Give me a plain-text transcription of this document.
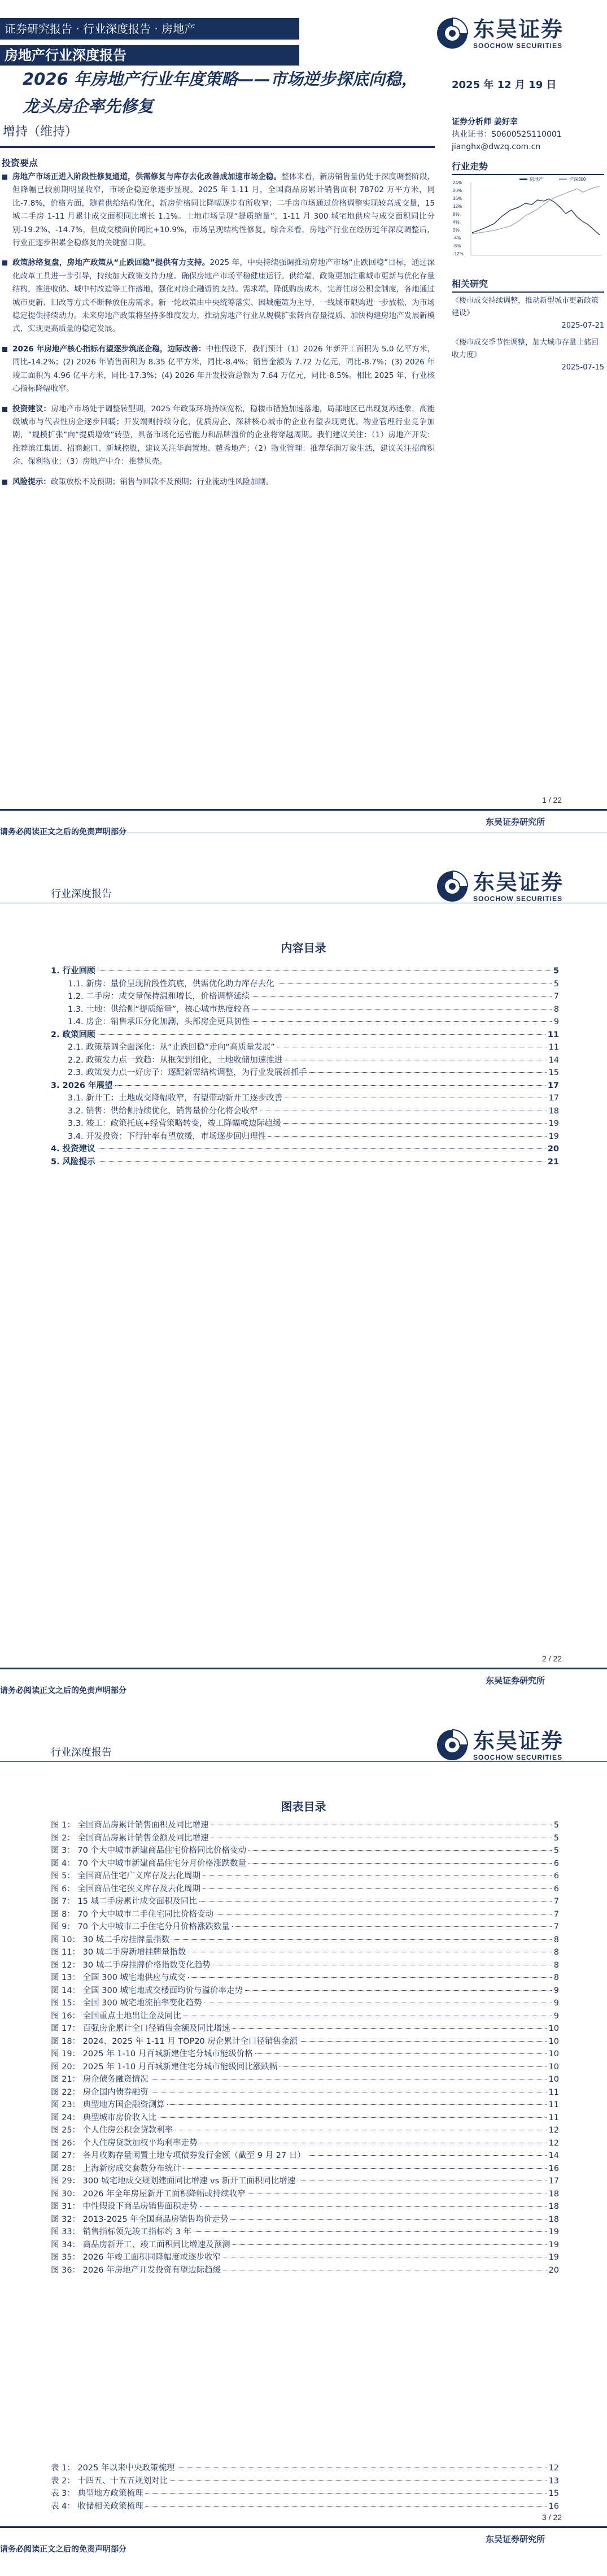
证券研究报告 · 行业深度报告 · 房地产
房地产行业深度报告
东吴证券
SOOCHOW SECURITIES
2026 年房地产行业年度策略——市场逆步探底向稳，龙头房企率先修复
2025 年 12 月 19 日
增持（维持）
证券分析师 姜好幸
执业证书：S0600525110001
jianghx@dwzq.com.cn
投资要点

房地产市场正进入阶段性修复通道，供需修复与库存去化改善成加速市场企稳。整体来看，新房销售量仍处于深度调整阶段，但降幅已较前期明显收窄，市场企稳迹象逐步显现。2025 年 1-11 月，全国商品房累计销售面积 78702 万平方米，同比-7.8%，价格方面，随着供给结构优化，新房价格同比降幅逐步有所收窄；二手房市场通过价格调整实现较高成交量，15 城二手房 1-11 月累计成交面积同比增长 1.1%。土地市场呈现“提质缩量”，1-11 月 300 城宅地供应与成交面积同比分别-19.2%、-14.7%，但成交楼面价同比+10.9%，市场呈现结构性修复。综合来看，房地产行业在经历近年深度调整后，行业正逐步积累企稳修复的关键窗口期。

政策脉络复盘，房地产政策从“止跌回稳”提供有力支持。2025 年，中央持续强调推动房地产市场“止跌回稳”目标，通过深化改革工具进一步引导，持续加大政策支持力度。确保房地产市场平稳健康运行。供给端，政策更加注重城市更新与优化存量结构，推进收储、城中村改造等工作落地，强化对房企融资的支持。需求端，降低购房成本，完善住房公积金制度，各地通过城市更新、旧改等方式不断释放住房需求。新一轮政策由中央统筹落实、因城施策为主导，一线城市限购进一步放松，为市场稳定提供持续动力。未来房地产政策将坚持多维度发力，推动房地产行业从规模扩张转向存量提质、加快构建房地产发展新模式，实现更高质量的稳定发展。

2026 年房地产核心指标有望逐步筑底企稳，边际改善：中性假设下，我们预计（1）2026 年新开工面积为 5.0 亿平方米，同比-14.2%；(2) 2026 年销售面积为 8.35 亿平方米，同比-8.4%；销售金额为 7.72 万亿元，同比-8.7%；(3) 2026 年竣工面积为 4.96 亿平方米，同比-17.3%；(4) 2026 年开发投资总额为 7.64 万亿元，同比-8.5%。相比 2025 年，行业核心指标降幅收窄。

投资建议：房地产市场处于调整转型期，2025 年政策环境持续宽松，稳楼市措施加速落地，局部地区已出现复苏迹象，高能级城市与代表性房企逐步回暖；开发端则持续分化，优质房企、深耕核心城市的企业有望表现更优。物业管理行业竞争加剧，“规模扩张”向“提质增效”转型，具备市场化运营能力和品牌溢价的企业将穿越周期。我们建议关注：（1）房地产开发：推荐滨江集团、招商蛇口、新城控股，建议关注华润置地、越秀地产；（2）物业管理：推荐华润万象生活，建议关注招商积余、保利物业；（3）房地产中介：推荐贝壳。

风险提示：政策放松不及预期；销售与回款不及预期；行业流动性风险加剧。

行业走势
24%
20%
16%
12%
8%
4%
0%
-4%
-8%
-12%
房地产	沪深300
相关研究
《楼市成交持续调整，推动新型城市更新政策建设》
2025-07-21
《楼市成交季节性调整，加大城市存量土储回收力度》
2025-07-15
1 / 22
东吴证券研究所
请务必阅读正文之后的免责声明部分
行业深度报告	东吴证券
SOOCHOW SECURITIES
内容目录
1. 行业回顾	5
1.1. 新房：量价呈现阶段性筑底，供需优化助力库存去化	5
1.2. 二手房：成交量保持温和增长，价格调整延续	7
1.3. 土地：供给侧“提质缩量”，核心城市热度较高	8
1.4. 房企：销售承压分化加剧，头部房企更具韧性	9
2. 政策回顾	11
2.1. 政策基调全面深化：从“止跌回稳”走向“高质量发展”	11
2.2. 政策发力点一致趋：从框架到细化，土地收储加速推进	14
2.3. 政策发力点一好房子：逐配新需结构调整，为行业发展新抓手	15
3. 2026 年展望	17
3.1. 新开工：土地成交降幅收窄，有望带动新开工逐步改善	17
3.2. 销售：供给侧持续优化，销售量价分化将会收窄	18
3.3. 竣工：政策托底+经营策略转变，竣工降幅或边际趋缓	19
3.4. 开发投资：下行针率有望放缓，市场逐步回归理性	19
4. 投资建议	20
5. 风险提示	21
2 / 22
东吴证券研究所
请务必阅读正文之后的免责声明部分
行业深度报告	东吴证券
SOOCHOW SECURITIES
图表目录
图 1： 全国商品房累计销售面积及同比增速	5
图 2： 全国商品房累计销售金额及同比增速	5
图 3： 70 个大中城市新建商品住宅价格同比价格变动	5
图 4： 70 个大中城市新建商品住宅分月价格涨跌数量	6
图 5： 全国商品住宅广义库存及去化周期	6
图 6： 全国商品住宅狭义库存及去化周期	6
图 7： 15 城二手房累计成交面积及同比	7
图 8： 70 个大中城市二手住宅同比价格变动	7
图 9： 70 个大中城市二手住宅分月价格涨跌数量	7
图 10： 30 城二手房挂牌量指数	8
图 11： 30 城二手房新增挂牌量指数	8
图 12： 30 城二手房挂牌价格指数变化趋势	8
图 13： 全国 300 城宅地供应与成交	8
图 14： 全国 300 城宅地成交楼面均价与溢价率走势	9
图 15： 全国 300 城宅地流拍率变化趋势	9
图 16： 全国重点土地出让金及同比	9
图 17： 百强房企累计全口径销售金额及同比增速	10
图 18： 2024、2025 年 1-11 月 TOP20 房企累计全口径销售金额	10
图 19： 2025 年 1-10 月百城新建住宅分城市能级价格	10
图 20： 2025 年 1-10 月百城新建住宅分城市能级同比涨跌幅	10
图 21： 房企债务融资情况	10
图 22： 房企国内债券融资	11
图 23： 典型地方国企融资测算	11
图 24： 典型城市房价收入比	11
图 25： 个人住房公积金贷款利率	12
图 26： 个人住房贷款加权平均利率走势	12
图 27： 各月收购存量闲置土地专项债券发行金额（截至 9 月 27 日）	14
图 28： 上海新房成交套数分布统计	16
图 29： 300 城宅地成交规划建面同比增速 vs 新开工面积同比增速	17
图 30： 2026 年全年房屋新开工面积降幅或持续收窄	18
图 31： 中性假设下商品房销售面积走势	18
图 32： 2013-2025 年全国商品房销售均价走势	18
图 33： 销售指标领先竣工指标约 3 年	19
图 34： 商品房新开工、竣工面积同比增速及预测	19
图 35： 2026 年竣工面积同降幅度或逐步收窄	19
图 36： 2026 年房地产开发投资有望边际趋缓	20
表 1： 2025 年以来中央政策梳理	12
表 2： 十四五、十五五规划对比	13
表 3： 典型地方政策梳理	15
表 4： 收储相关政策梳理	16
3 / 22
东吴证券研究所
请务必阅读正文之后的免责声明部分
